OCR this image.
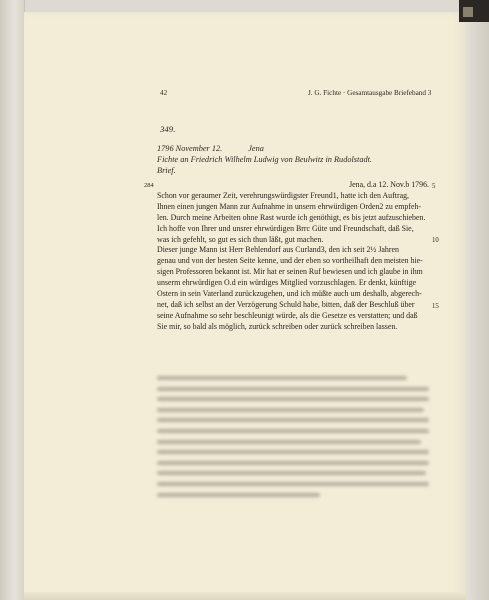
42	J. G. Fichte · Gesamtausgabe Briefeband 3
349.
1796 November 12.	Jena
Fichte an Friedrich Wilhelm Ludwig von Beulwitz in Rudolstadt.
Brief.
284	5
10
15
Jena, d.a 12. Nov.b 1796.
Schon vor geraumer Zeit, verehrungswürdigster Freund1, hatte ich den Auftrag,
Ihnen einen jungen Mann zur Aufnahme in unsern ehrwürdigen Orden2 zu empfeh-
len. Durch meine Arbeiten ohne Rast wurde ich genöthigt, es bis jetzt aufzuschieben.
Ich hoffe von Ihrer und unsrer ehrwürdigen Brrc Güte und Freundschaft, daß Sie,
was ich gefehlt, so gut es sich thun läßt, gut machen.
Dieser junge Mann ist Herr Behlendorf aus Curland3, den ich seit 2½ Jahren
genau und von der besten Seite kenne, und der eben so vortheilhaft den meisten hie-
sigen Professoren bekannt ist. Mir hat er seinen Ruf bewiesen und ich glaube in ihm
unserm ehrwürdigen O.d ein würdiges Mitglied vorzuschlagen. Er denkt, künftige
Ostern in sein Vaterland zurückzugehen, und ich müßte auch um deshalb, abgerech-
net, daß ich selbst an der Verzögerung Schuld habe, bitten, daß der Beschluß über
seine Aufnahme so sehr beschleunigt würde, als die Gesetze es verstatten; und daß
Sie mir, so bald als möglich, zurück schreiben oder zurück schreiben lassen.
